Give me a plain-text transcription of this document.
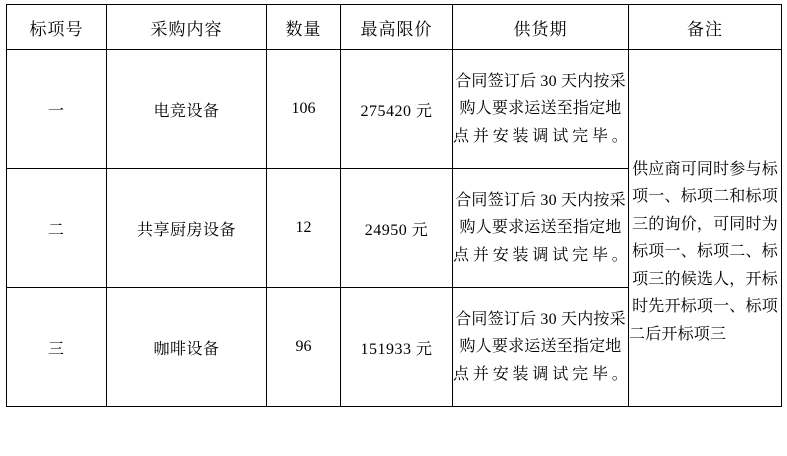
标项号	采购内容	数量	最高限价	供货期	备注
一	电竞设备	106	275420 元	合同签订后 30 天内按采购人要求运送至指定地点并安装调试完毕。	供应商可同时参与标项一、标项二和标项三的询价，可同时为标项一、标项二、标项三的候选人，开标时先开标项一、标项二后开标项三

二	共享厨房设备	12	24950 元	合同签订后 30 天内按采购人要求运送至指定地点并安装调试完毕。	
三	咖啡设备	96	151933 元	合同签订后 30 天内按采购人要求运送至指定地点并安装调试完毕。	
